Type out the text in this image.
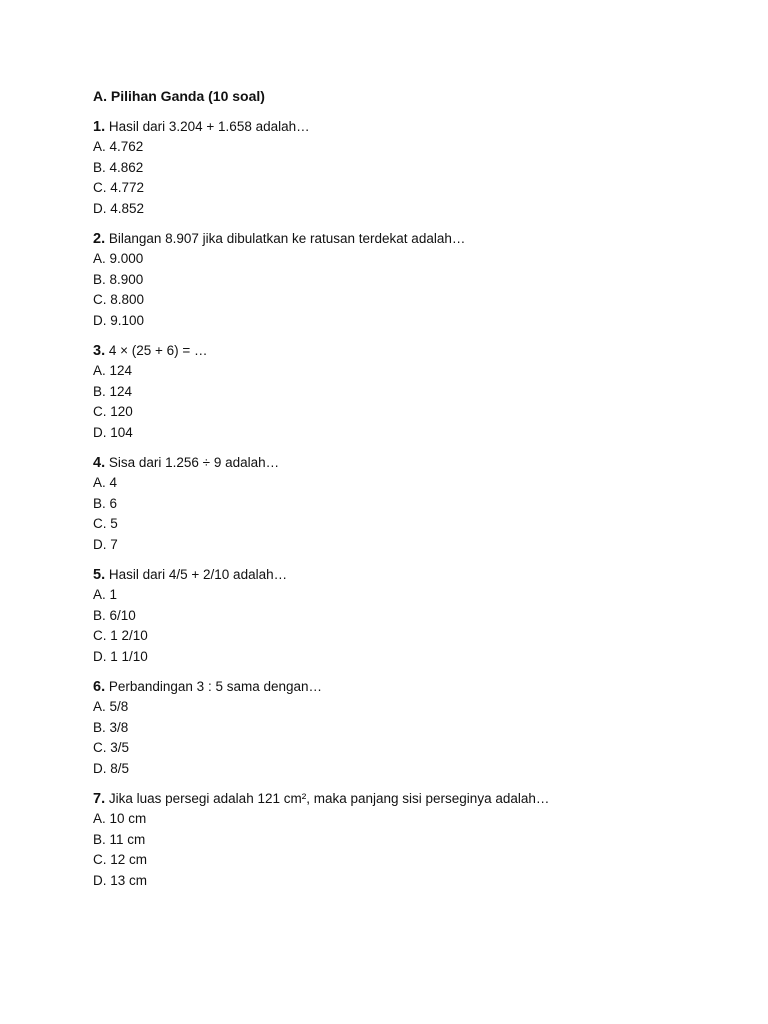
A. Pilihan Ganda (10 soal)
1. Hasil dari 3.204 + 1.658 adalah…
A. 4.762
B. 4.862
C. 4.772
D. 4.852
2. Bilangan 8.907 jika dibulatkan ke ratusan terdekat adalah…
A. 9.000
B. 8.900
C. 8.800
D. 9.100
3. 4 × (25 + 6) = …
A. 124
B. 124
C. 120
D. 104
4. Sisa dari 1.256 ÷ 9 adalah…
A. 4
B. 6
C. 5
D. 7
5. Hasil dari 4/5 + 2/10 adalah…
A. 1
B. 6/10
C. 1 2/10
D. 1 1/10
6. Perbandingan 3 : 5 sama dengan…
A. 5/8
B. 3/8
C. 3/5
D. 8/5
7. Jika luas persegi adalah 121 cm², maka panjang sisi perseginya adalah…
A. 10 cm
B. 11 cm
C. 12 cm
D. 13 cm
